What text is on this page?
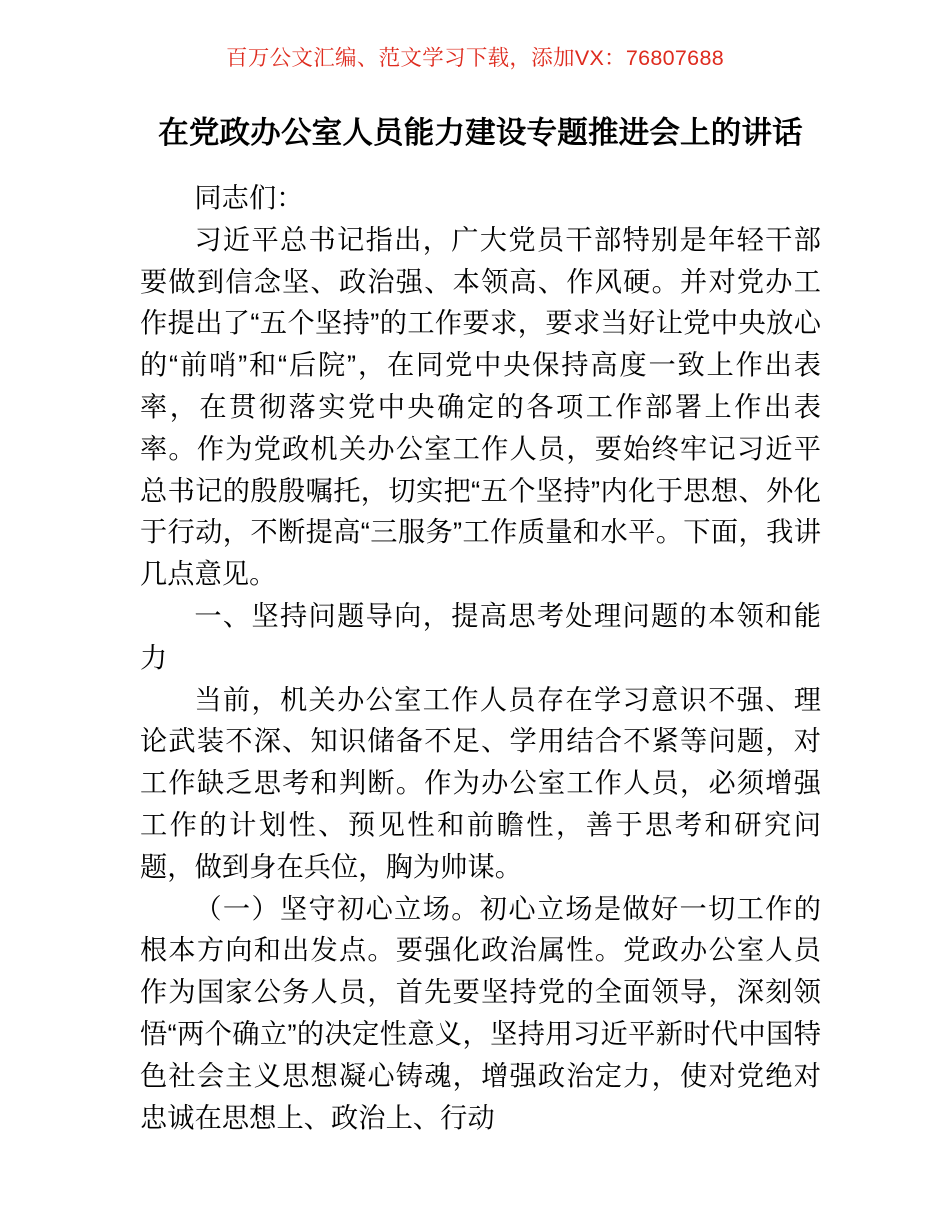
百万公文汇编、范文学习下载，添加VX：76807688
在党政办公室人员能力建设专题推进会上的讲话

同志们：

习近平总书记指出，广大党员干部特别是年轻干部要做到信念坚、政治强、本领高、作风硬。并对党办工作提出了“五个坚持”的工作要求，要求当好让党中央放心的“前哨”和“后院”，在同党中央保持高度一致上作出表率，在贯彻落实党中央确定的各项工作部署上作出表率。作为党政机关办公室工作人员，要始终牢记习近平总书记的殷殷嘱托，切实把“五个坚持”内化于思想、外化于行动，不断提高“三服务”工作质量和水平。下面，我讲几点意见。

一、坚持问题导向，提高思考处理问题的本领和能力

当前，机关办公室工作人员存在学习意识不强、理论武装不深、知识储备不足、学用结合不紧等问题，对工作缺乏思考和判断。作为办公室工作人员，必须增强工作的计划性、预见性和前瞻性，善于思考和研究问题，做到身在兵位，胸为帅谋。

（一）坚守初心立场。初心立场是做好一切工作的根本方向和出发点。要强化政治属性。党政办公室人员作为国家公务人员，首先要坚持党的全面领导，深刻领悟“两个确立”的决定性意义，坚持用习近平新时代中国特色社会主义思想凝心铸魂，增强政治定力，使对党绝对忠诚在思想上、政治上、行动
